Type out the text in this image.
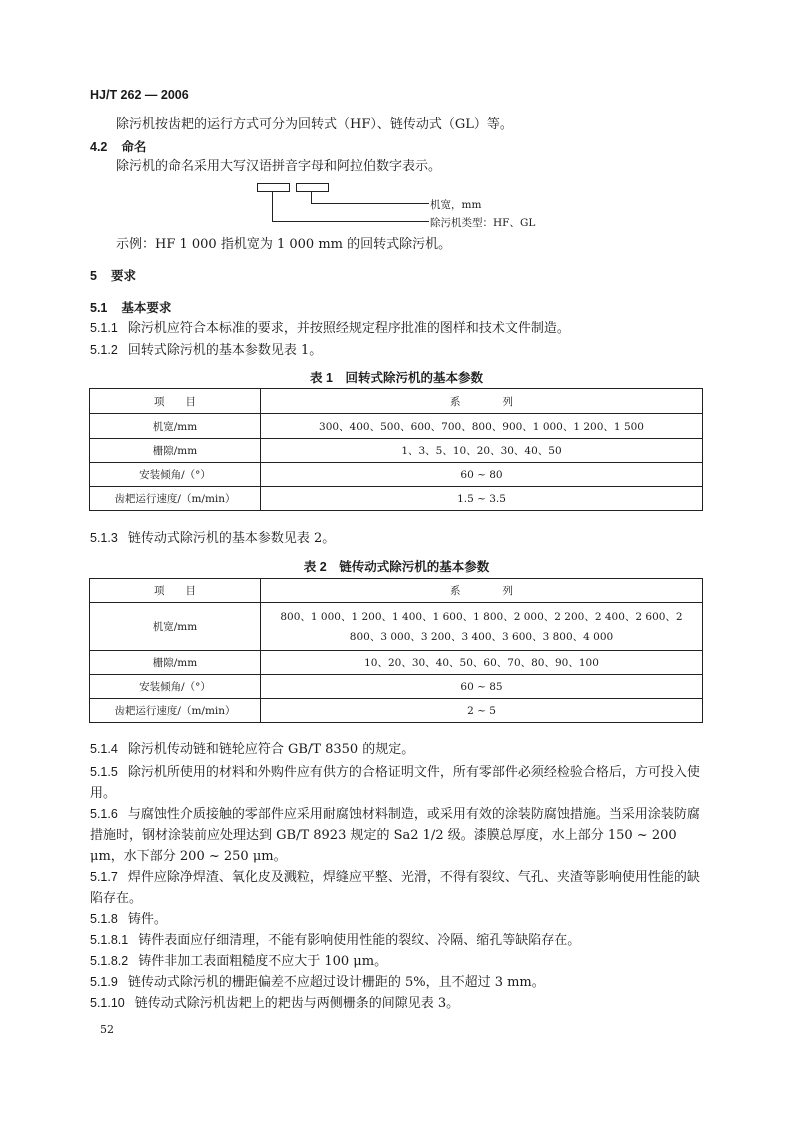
HJ/T 262 — 2006
除污机按齿耙的运行方式可分为回转式（HF）、链传动式（GL）等。
4.2 命名
除污机的命名采用大写汉语拼音字母和阿拉伯数字表示。
机宽，mm
除污机类型：HF、GL
示例：HF 1 000 指机宽为 1 000 mm 的回转式除污机。
5 要求
5.1 基本要求
5.1.1 除污机应符合本标准的要求，并按照经规定程序批准的图样和技术文件制造。
5.1.2 回转式除污机的基本参数见表 1。
表 1　回转式除污机的基本参数
项　　目	系　　　　列
机宽/mm	300、400、500、600、700、800、900、1 000、1 200、1 500
栅隙/mm	1、3、5、10、20、30、40、50
安装倾角/（°）	60 ~ 80
齿耙运行速度/（m/min）	1.5 ~ 3.5
5.1.3 链传动式除污机的基本参数见表 2。
表 2　链传动式除污机的基本参数
项　　目	系　　　　列
机宽/mm	800、1 000、1 200、1 400、1 600、1 800、2 000、2 200、2 400、2 600、2 800、3 000、3 200、3 400、3 600、3 800、4 000
栅隙/mm	10、20、30、40、50、60、70、80、90、100
安装倾角/（°）	60 ~ 85
齿耙运行速度/（m/min）	2 ~ 5
5.1.4 除污机传动链和链轮应符合 GB/T 8350 的规定。
5.1.5 除污机所使用的材料和外购件应有供方的合格证明文件，所有零部件必须经检验合格后，方可投入使用。
5.1.6 与腐蚀性介质接触的零部件应采用耐腐蚀材料制造，或采用有效的涂装防腐蚀措施。当采用涂装防腐措施时，钢材涂装前应处理达到 GB/T 8923 规定的 Sa2 1/2 级。漆膜总厚度，水上部分 150 ~ 200 μm，水下部分 200 ~ 250 μm。
5.1.7 焊件应除净焊渣、氧化皮及溅粒，焊缝应平整、光滑，不得有裂纹、气孔、夹渣等影响使用性能的缺陷存在。
5.1.8 铸件。
5.1.8.1 铸件表面应仔细清理，不能有影响使用性能的裂纹、冷隔、缩孔等缺陷存在。
5.1.8.2 铸件非加工表面粗糙度不应大于 100 μm。
5.1.9 链传动式除污机的栅距偏差不应超过设计栅距的 5%，且不超过 3 mm。
5.1.10 链传动式除污机齿耙上的耙齿与两侧栅条的间隙见表 3。
52
